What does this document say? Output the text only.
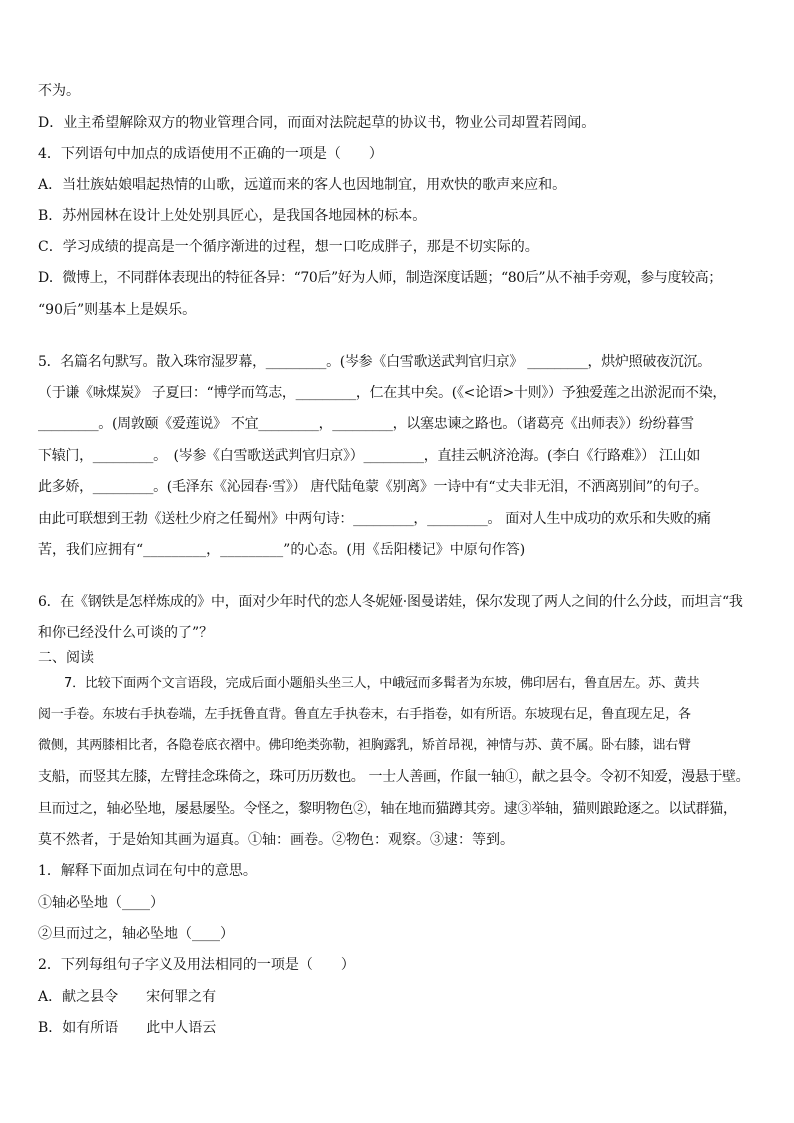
不为。
D．业主希望解除双方的物业管理合同，而面对法院起草的协议书，物业公司却置若罔闻。
4．下列语句中加点的成语使用不正确的一项是（　　）
A．当壮族姑娘唱起热情的山歌，远道而来的客人也因地制宜，用欢快的歌声来应和。
B．苏州园林在设计上处处别具匠心，是我国各地园林的标本。
C．学习成绩的提高是一个循序渐进的过程，想一口吃成胖子，那是不切实际的。
D．微博上，不同群体表现出的特征各异：“70后”好为人师，制造深度话题；“80后”从不袖手旁观，参与度较高；
“90后”则基本上是娱乐。
5．名篇名句默写。散入珠帘湿罗幕，_________。(岑参《白雪歌送武判官归京》 _________，烘炉照破夜沉沉。
（于谦《咏煤炭》 子夏曰：“博学而笃志，_________，仁在其中矣。(《<论语>十则》）予独爱莲之出淤泥而不染，
_________。(周敦颐《爱莲说》 不宜_________，_________，以塞忠谏之路也。（诸葛亮《出师表》）纷纷暮雪
下辕门，_________。　(岑参《白雪歌送武判官归京》）_________，直挂云帆济沧海。(李白《行路难》） 江山如
此多娇，_________。(毛泽东《沁园春·雪》） 唐代陆龟蒙《别离》一诗中有“丈夫非无泪，不洒离别间”的句子。
由此可联想到王勃《送杜少府之任蜀州》中两句诗：_________，_________。 面对人生中成功的欢乐和失败的痛
苦，我们应拥有“_________，_________”的心态。(用《岳阳楼记》中原句作答)
6．在《钢铁是怎样炼成的》中，面对少年时代的恋人冬妮娅·图曼诺娃，保尔发现了两人之间的什么分歧，而坦言“我
和你已经没什么可谈的了”？
二、阅读
7．比较下面两个文言语段，完成后面小题船头坐三人，中峨冠而多髯者为东坡，佛印居右，鲁直居左。苏、黄共
阅一手卷。东坡右手执卷端，左手抚鲁直背。鲁直左手执卷末，右手指卷，如有所语。东坡现右足，鲁直现左足，各
微侧，其两膝相比者，各隐卷底衣褶中。佛印绝类弥勒，袒胸露乳，矫首昂视，神情与苏、黄不属。卧右膝，诎右臂
支船，而竖其左膝，左臂挂念珠倚之，珠可历历数也。 一士人善画，作鼠一轴①，献之县令。令初不知爱，漫悬于壁。
旦而过之，轴必坠地，屡悬屡坠。令怪之，黎明物色②，轴在地而猫蹲其旁。逮③举轴，猫则踉跄逐之。以试群猫，
莫不然者，于是始知其画为逼真。①轴：画卷。②物色：观察。③逮：等到。
1．解释下面加点词在句中的意思。
①轴必坠地（____）
②旦而过之，轴必坠地（____）
2．下列每组句子字义及用法相同的一项是（　　）
A．献之县令　　宋何罪之有
B．如有所语　　此中人语云
